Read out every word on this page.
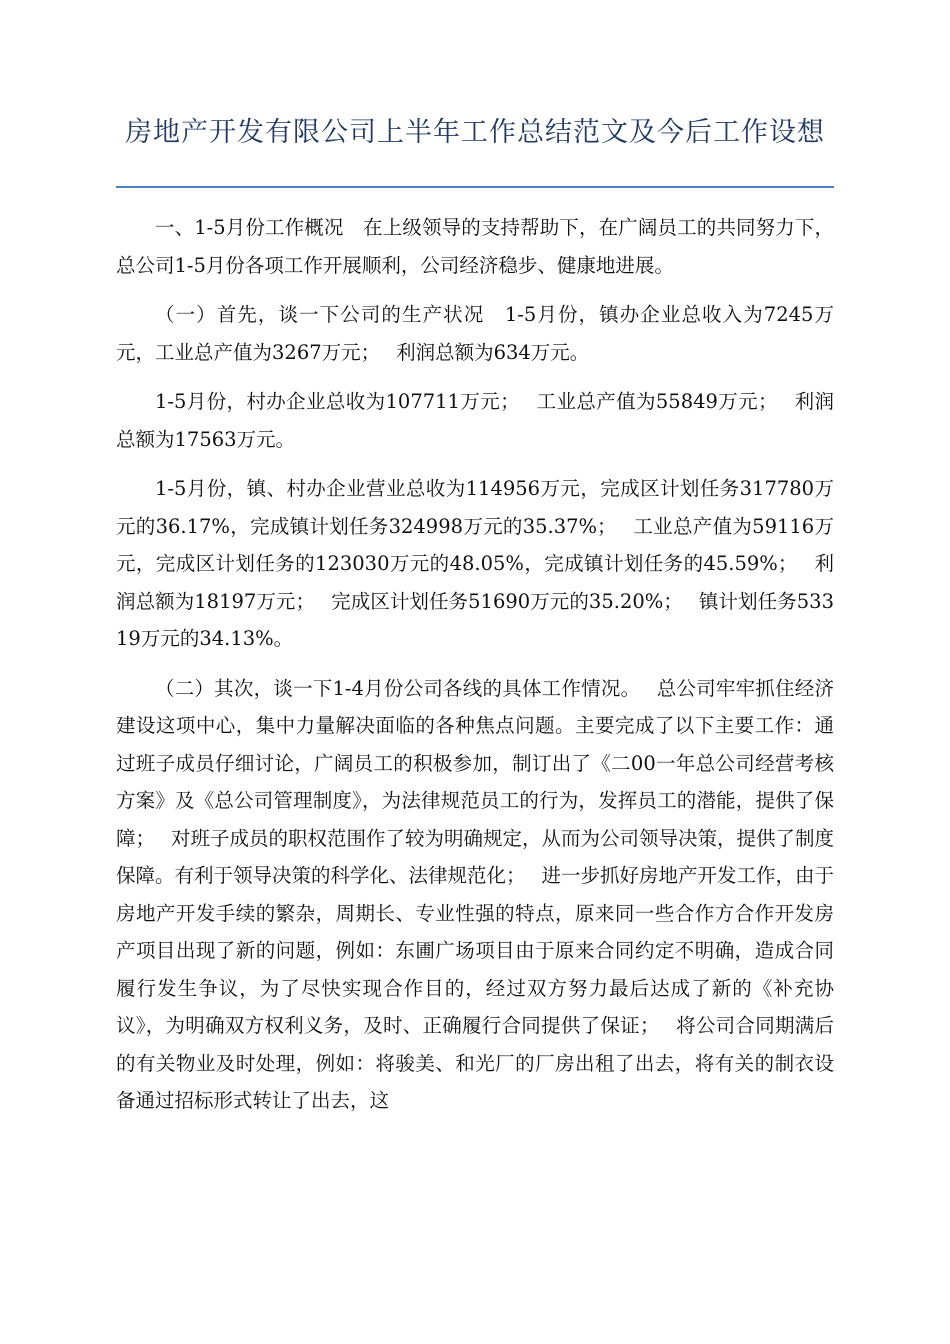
房地产开发有限公司上半年工作总结范文及今后工作设想

一、1-5月份工作概况　在上级领导的支持帮助下，在广阔员工的共同努力下，总公司1-5月份各项工作开展顺利，公司经济稳步、健康地进展。

（一）首先，谈一下公司的生产状况　1-5月份，镇办企业总收入为7245万元，工业总产值为3267万元；　 利润总额为634万元。

1-5月份，村办企业总收为107711万元；　 工业总产值为55849万元；　 利润总额为17563万元。

1-5月份，镇、村办企业营业总收为114956万元，完成区计划任务317780万元的36.17%，完成镇计划任务324998万元的35.37%；　 工业总产值为59116万元，完成区计划任务的123030万元的48.05%，完成镇计划任务的45.59%；　 利润总额为18197万元；　 完成区计划任务51690万元的35.20%；　 镇计划任务53319万元的34.13%。

（二）其次，谈一下1-4月份公司各线的具体工作情况。　 总公司牢牢抓住经济建设这项中心，集中力量解决面临的各种焦点问题。主要完成了以下主要工作：通过班子成员仔细讨论，广阔员工的积极参加，制订出了《二00一年总公司经营考核方案》及《总公司管理制度》，为法律规范员工的行为，发挥员工的潜能，提供了保障；　 对班子成员的职权范围作了较为明确规定，从而为公司领导决策，提供了制度保障。有利于领导决策的科学化、法律规范化；　 进一步抓好房地产开发工作，由于房地产开发手续的繁杂，周期长、专业性强的特点，原来同一些合作方合作开发房产项目出现了新的问题，例如：东圃广场项目由于原来合同约定不明确，造成合同履行发生争议，为了尽快实现合作目的，经过双方努力最后达成了新的《补充协议》，为明确双方权利义务，及时、正确履行合同提供了保证；　 将公司合同期满后的有关物业及时处理，例如：将骏美、和光厂的厂房出租了出去，将有关的制衣设备通过招标形式转让了出去，这
